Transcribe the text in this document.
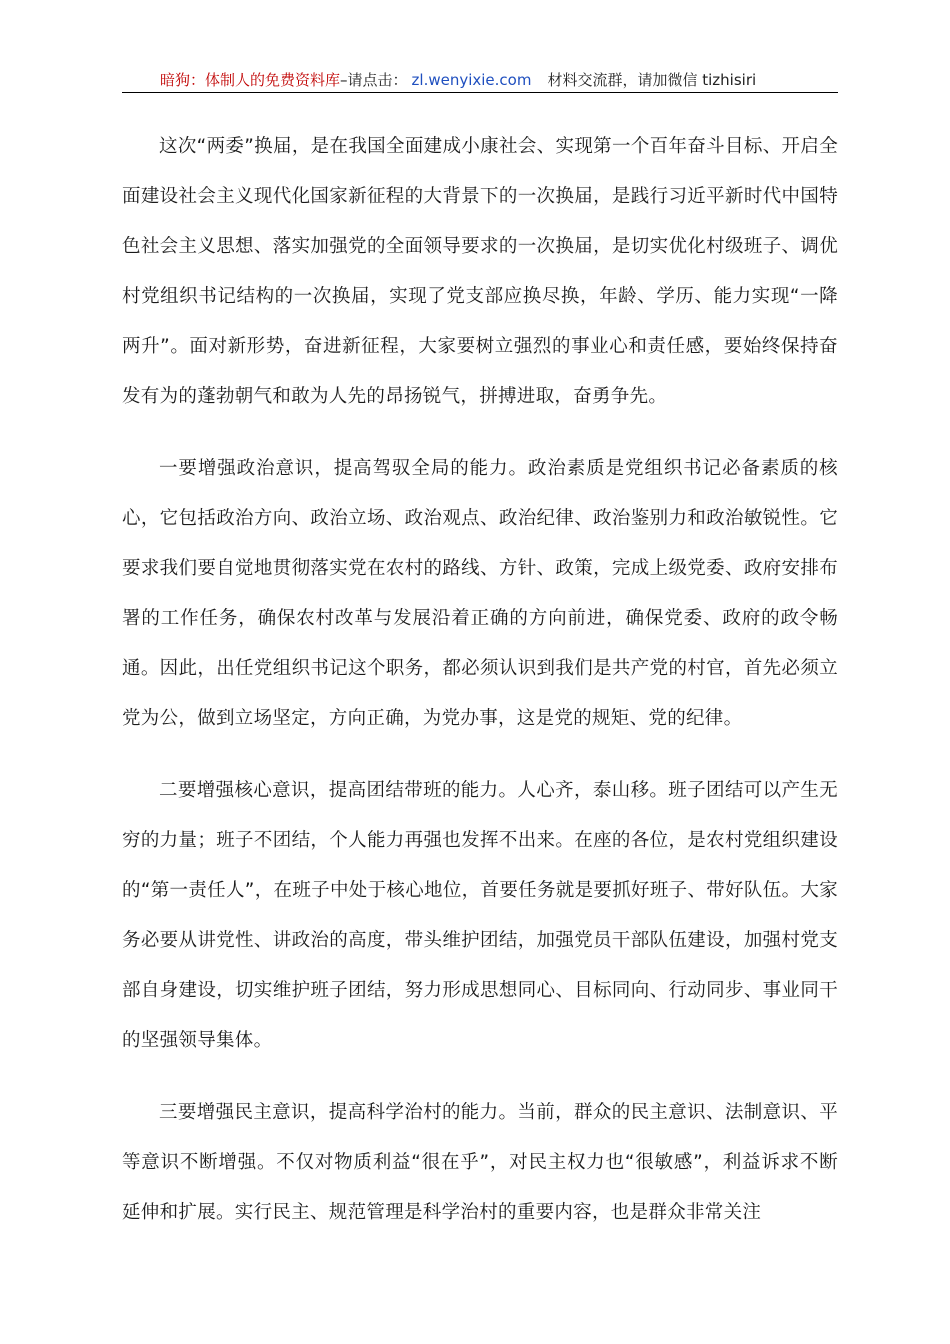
暗狗：体制人的免费资料库–请点击： zl.wenyixie.com 材料交流群，请加微信 tizhisiri

这次“两委”换届，是在我国全面建成小康社会、实现第一个百年奋斗目标、开启全面建设社会主义现代化国家新征程的大背景下的一次换届，是践行习近平新时代中国特色社会主义思想、落实加强党的全面领导要求的一次换届，是切实优化村级班子、调优村党组织书记结构的一次换届，实现了党支部应换尽换，年龄、学历、能力实现“一降两升”。面对新形势，奋进新征程，大家要树立强烈的事业心和责任感，要始终保持奋发有为的蓬勃朝气和敢为人先的昂扬锐气，拼搏进取，奋勇争先。

一要增强政治意识，提高驾驭全局的能力。政治素质是党组织书记必备素质的核心，它包括政治方向、政治立场、政治观点、政治纪律、政治鉴别力和政治敏锐性。它要求我们要自觉地贯彻落实党在农村的路线、方针、政策，完成上级党委、政府安排布署的工作任务，确保农村改革与发展沿着正确的方向前进，确保党委、政府的政令畅通。因此，出任党组织书记这个职务，都必须认识到我们是共产党的村官，首先必须立党为公，做到立场坚定，方向正确，为党办事，这是党的规矩、党的纪律。

二要增强核心意识，提高团结带班的能力。人心齐，泰山移。班子团结可以产生无穷的力量；班子不团结，个人能力再强也发挥不出来。在座的各位，是农村党组织建设的“第一责任人”，在班子中处于核心地位，首要任务就是要抓好班子、带好队伍。大家务必要从讲党性、讲政治的高度，带头维护团结，加强党员干部队伍建设，加强村党支部自身建设，切实维护班子团结，努力形成思想同心、目标同向、行动同步、事业同干的坚强领导集体。

三要增强民主意识，提高科学治村的能力。当前，群众的民主意识、法制意识、平等意识不断增强。不仅对物质利益“很在乎”，对民主权力也“很敏感”，利益诉求不断延伸和扩展。实行民主、规范管理是科学治村的重要内容，也是群众非常关注
